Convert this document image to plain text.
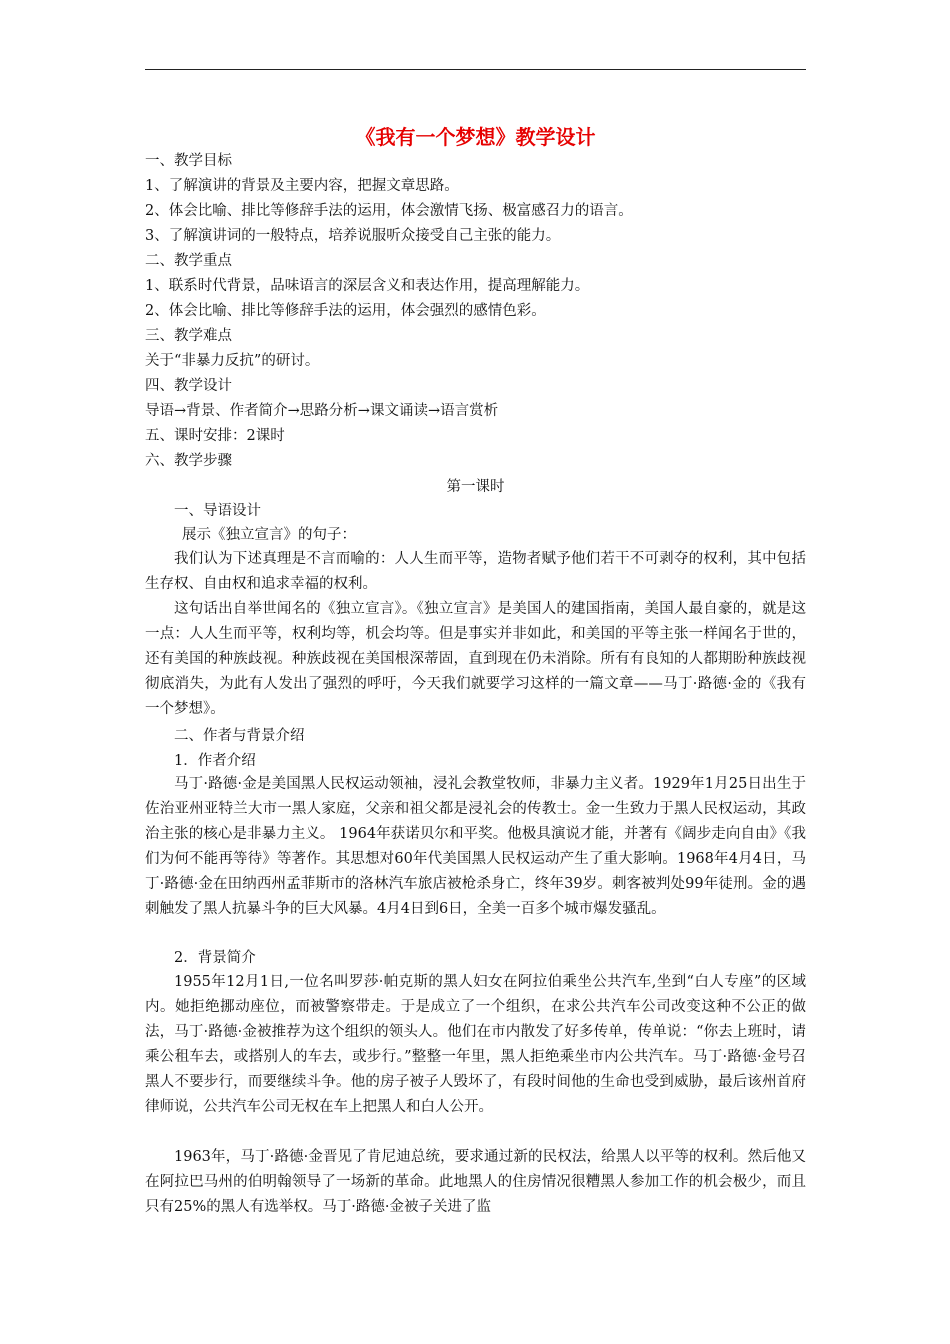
《我有一个梦想》教学设计
一、教学目标
1、了解演讲的背景及主要内容，把握文章思路。
2、体会比喻、排比等修辞手法的运用，体会激情飞扬、极富感召力的语言。
3、了解演讲词的一般特点，培养说服听众接受自己主张的能力。
二、教学重点
1、联系时代背景，品味语言的深层含义和表达作用，提高理解能力。
2、体会比喻、排比等修辞手法的运用，体会强烈的感情色彩。
三、教学难点
关于“非暴力反抗”的研讨。
四、教学设计
导语→背景、作者简介→思路分析→课文诵读→语言赏析
五、课时安排：2课时
六、教学步骤
第一课时
一、导语设计
展示《独立宣言》的句子：
我们认为下述真理是不言而喻的：人人生而平等，造物者赋予他们若干不可剥夺的权利，其中包括生存权、自由权和追求幸福的权利。
这句话出自举世闻名的《独立宣言》。《独立宣言》是美国人的建国指南，美国人最自豪的，就是这一点：人人生而平等，权利均等，机会均等。但是事实并非如此，和美国的平等主张一样闻名于世的，还有美国的种族歧视。种族歧视在美国根深蒂固，直到现在仍未消除。所有有良知的人都期盼种族歧视彻底消失，为此有人发出了强烈的呼吁，今天我们就要学习这样的一篇文章——马丁·路德·金的《我有一个梦想》。
二、作者与背景介绍
1．作者介绍
马丁·路德·金是美国黑人民权运动领袖，浸礼会教堂牧师，非暴力主义者。1929年1月25日出生于佐治亚州亚特兰大市一黑人家庭，父亲和祖父都是浸礼会的传教士。金一生致力于黑人民权运动，其政治主张的核心是非暴力主义。 1964年获诺贝尔和平奖。他极具演说才能，并著有《阔步走向自由》《我们为何不能再等待》等著作。其思想对60年代美国黑人民权运动产生了重大影响。1968年4月4日，马丁·路德·金在田纳西州孟菲斯市的洛林汽车旅店被枪杀身亡，终年39岁。刺客被判处99年徒刑。金的遇刺触发了黑人抗暴斗争的巨大风暴。4月4日到6日，全美一百多个城市爆发骚乱。
2．背景简介
1955年12月1日,一位名叫罗莎·帕克斯的黑人妇女在阿拉伯乘坐公共汽车,坐到“白人专座”的区域内。她拒绝挪动座位，而被警察带走。于是成立了一个组织，在求公共汽车公司改变这种不公正的做法，马丁·路德·金被推荐为这个组织的领头人。他们在市内散发了好多传单，传单说：“你去上班时，请乘公租车去，或搭别人的车去，或步行。”整整一年里，黑人拒绝乘坐市内公共汽车。马丁·路德·金号召黑人不要步行，而要继续斗争。他的房子被子人毁坏了，有段时间他的生命也受到威胁，最后该州首府律师说，公共汽车公司无权在车上把黑人和白人公开。
1963年，马丁·路德·金晋见了肯尼迪总统，要求通过新的民权法，给黑人以平等的权利。然后他又在阿拉巴马州的伯明翰领导了一场新的革命。此地黑人的住房情况很糟黑人参加工作的机会极少，而且只有25%的黑人有选举权。马丁·路德·金被子关进了监
